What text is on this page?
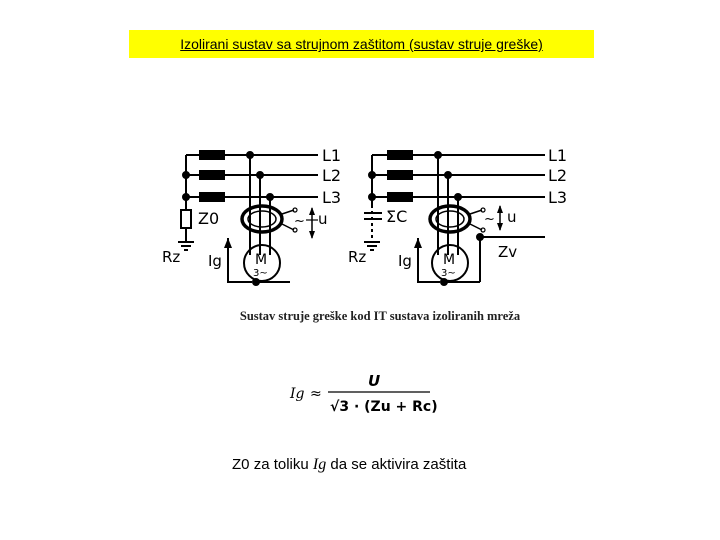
Izolirani sustav sa strujnom zaštitom (sustav struje greške)
L1
L2
L3
Z0
Rz Ig M
3~
u
~
L1
L2
L3
ΣC
Rz Ig M
3~
u
~
Zv
Ig ≈
U
√3 · (Zu + Rc)
Sustav struje greške kod IT sustava izoliranih mreža
Z0 za toliku Ig da se aktivira zaštita
